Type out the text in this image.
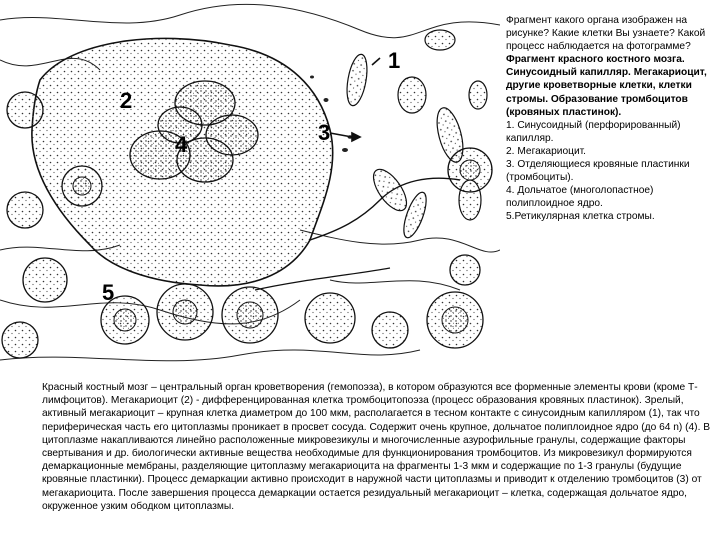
1
2
3
4
5
Фрагмент какого органа изображен на рисунке? Какие клетки Вы узнаете? Какой процесс наблюдается на фотограмме?
Фрагмент красного костного мозга. Синусоидный капилляр. Мегакариоцит, другие кроветворные клетки, клетки стромы. Образование тромбоцитов (кровяных пластинок).
1. Синусоидный (перфорированный) капилляр.
2. Мегакариоцит.
3. Отделяющиеся кровяные пластинки (тромбоциты).
4. Дольчатое (многолопастное) полиплоидное ядро.
5.Ретикулярная клетка стромы.

Красный костный мозг – центральный орган кроветворения (гемопоэза), в котором образуются все форменные элементы крови (кроме Т-лимфоцитов). Мегакариоцит (2) - дифференцированная клетка тромбоцитопоэза (процесс образования кровяных пластинок). Зрелый, активный мегакариоцит – крупная клетка диаметром до 100 мкм, располагается в тесном контакте с синусоидным капилляром (1), так что периферическая часть его цитоплазмы проникает в просвет сосуда. Содержит очень крупное, дольчатое полиплоидное ядро (до 64 n) (4). В цитоплазме накапливаются линейно расположенные микровезикулы и многочисленные азурофильные гранулы, содержащие факторы свертывания и др. биологически активные вещества необходимые для функционирования тромбоцитов. Из микровезикул формируются демаркационные мембраны, разделяющие цитоплазму мегакариоцита на фрагменты 1-3 мкм и содержащие по 1-3 гранулы (будущие кровяные пластинки). Процесс демаркации активно происходит в наружной части цитоплазмы и приводит к отделению тромбоцитов (3) от мегакариоцита. После завершения процесса демаркации остается резидуальный мегакариоцит – клетка, содержащая дольчатое ядро, окруженное узким ободком цитоплазмы.
